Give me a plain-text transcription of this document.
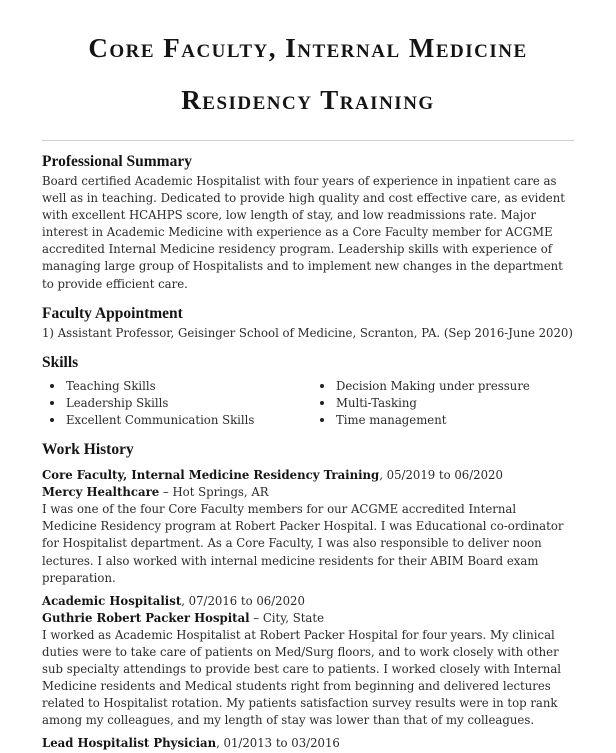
Core Faculty, Internal Medicine
Residency Training
Professional Summary

Board certified Academic Hospitalist with four years of experience in inpatient care as well as in teaching. Dedicated to provide high quality and cost effective care, as evident with excellent HCAHPS score, low length of stay, and low readmissions rate. Major interest in Academic Medicine with experience as a Core Faculty member for ACGME accredited Internal Medicine residency program. Leadership skills with experience of managing large group of Hospitalists and to implement new changes in the department to provide efficient care.

Faculty Appointment

1) Assistant Professor, Geisinger School of Medicine, Scranton, PA. (Sep 2016-June 2020)

Skills
Teaching Skills
Leadership Skills
Excellent Communication Skills
Decision Making under pressure
Multi-Tasking
Time management
Work History
Core Faculty, Internal Medicine Residency Training, 05/2019 to 06/2020
Mercy Healthcare – Hot Springs, AR

I was one of the four Core Faculty members for our ACGME accredited Internal Medicine Residency program at Robert Packer Hospital. I was Educational co-ordinator for Hospitalist department. As a Core Faculty, I was also responsible to deliver noon lectures. I also worked with internal medicine residents for their ABIM Board exam preparation.

Academic Hospitalist, 07/2016 to 06/2020
Guthrie Robert Packer Hospital – City, State

I worked as Academic Hospitalist at Robert Packer Hospital for four years. My clinical duties were to take care of patients on Med/Surg floors, and to work closely with other sub specialty attendings to provide best care to patients. I worked closely with Internal Medicine residents and Medical students right from beginning and delivered lectures related to Hospitalist rotation. My patients satisfaction survey results were in top rank among my colleagues, and my length of stay was lower than that of my colleagues.

Lead Hospitalist Physician, 01/2013 to 03/2016
